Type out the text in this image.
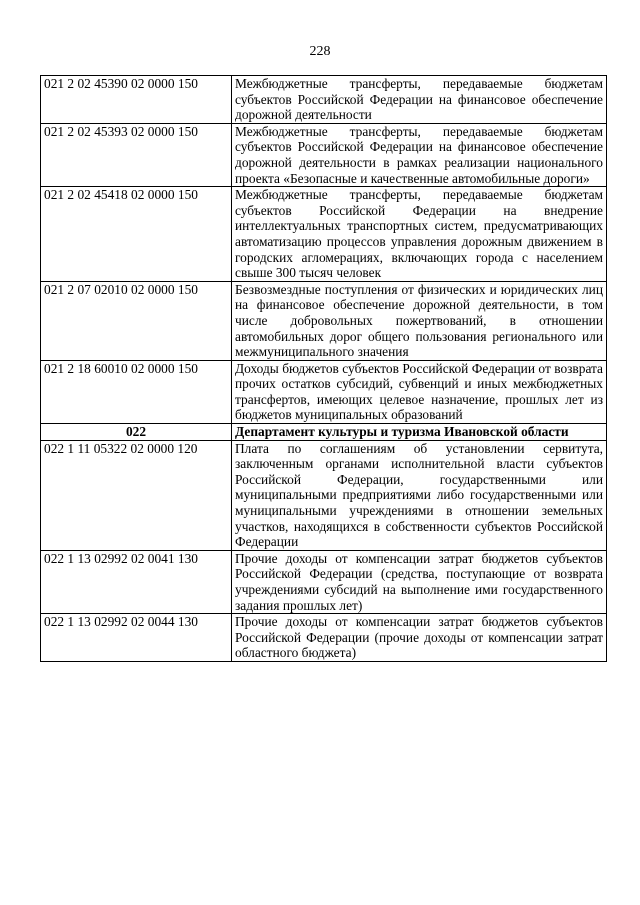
228
021 2 02 45390 02 0000 150	Межбюджетные трансферты, передаваемые бюджетам субъектов Российской Федерации на финансовое обеспечение дорожной деятельности
021 2 02 45393 02 0000 150	Межбюджетные трансферты, передаваемые бюджетам субъектов Российской Федерации на финансовое обеспечение дорожной деятельности в рамках реализации национального проекта «Безопасные и качественные автомобильные дороги»
021 2 02 45418 02 0000 150	Межбюджетные трансферты, передаваемые бюджетам субъектов Российской Федерации на внедрение интеллектуальных транспортных систем, предусматривающих автоматизацию процессов управления дорожным движением в городских агломерациях, включающих города с населением свыше 300 тысяч человек
021 2 07 02010 02 0000 150	Безвозмездные поступления от физических и юридических лиц на финансовое обеспечение дорожной деятельности, в том числе добровольных пожертвований, в отношении автомобильных дорог общего пользования регионального или межмуниципального значения
021 2 18 60010 02 0000 150	Доходы бюджетов субъектов Российской Федерации от возврата прочих остатков субсидий, субвенций и иных межбюджетных трансфертов, имеющих целевое назначение, прошлых лет из бюджетов муниципальных образований
022	Департамент культуры и туризма Ивановской области
022 1 11 05322 02 0000 120	Плата по соглашениям об установлении сервитута, заключенным органами исполнительной власти субъектов Российской Федерации, государственными или муниципальными предприятиями либо государственными или муниципальными учреждениями в отношении земельных участков, находящихся в собственности субъектов Российской Федерации
022 1 13 02992 02 0041 130	Прочие доходы от компенсации затрат бюджетов субъектов Российской Федерации (средства, поступающие от возврата учреждениями субсидий на выполнение ими государственного задания прошлых лет)
022 1 13 02992 02 0044 130	Прочие доходы от компенсации затрат бюджетов субъектов Российской Федерации (прочие доходы от компенсации затрат областного бюджета)
